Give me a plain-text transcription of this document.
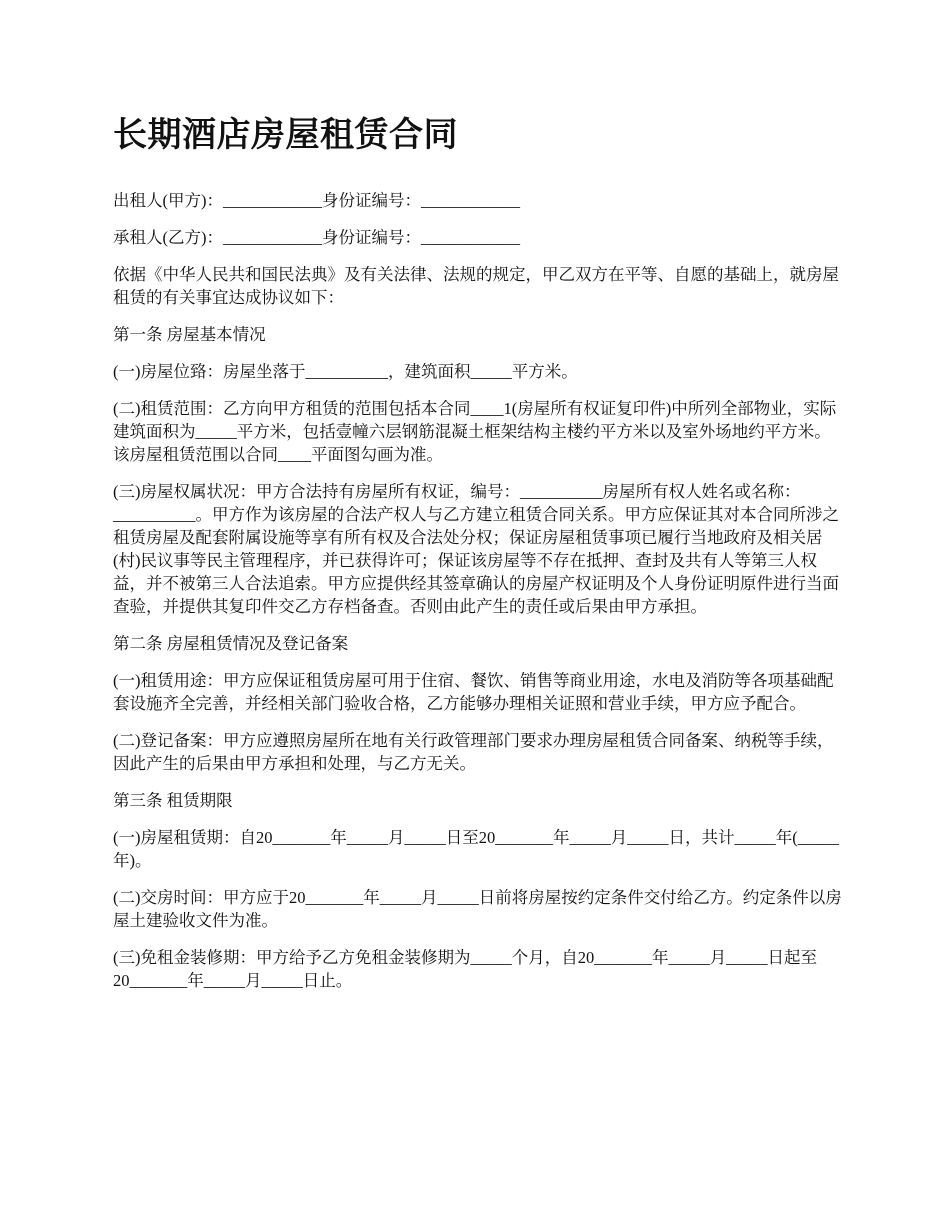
长期酒店房屋租赁合同

出租人(甲方)：____________身份证编号：____________

承租人(乙方)：____________身份证编号：____________

依据《中华人民共和国民法典》及有关法律、法规的规定，甲乙双方在平等、自愿的基础上，就房屋租赁的有关事宜达成协议如下：

第一条 房屋基本情况

(一)房屋位臵：房屋坐落于__________，建筑面积_____平方米。

(二)租赁范围：乙方向甲方租赁的范围包括本合同____1(房屋所有权证复印件)中所列全部物业，实际建筑面积为_____平方米，包括壹幢六层钢筋混凝土框架结构主楼约平方米以及室外场地约平方米。该房屋租赁范围以合同____平面图勾画为准。

(三)房屋权属状况：甲方合法持有房屋所有权证，编号：__________房屋所有权人姓名或名称：__________。甲方作为该房屋的合法产权人与乙方建立租赁合同关系。甲方应保证其对本合同所涉之租赁房屋及配套附属设施等享有所有权及合法处分权；保证房屋租赁事项已履行当地政府及相关居(村)民议事等民主管理程序，并已获得许可；保证该房屋等不存在抵押、查封及共有人等第三人权益，并不被第三人合法追索。甲方应提供经其签章确认的房屋产权证明及个人身份证明原件进行当面查验，并提供其复印件交乙方存档备查。否则由此产生的责任或后果由甲方承担。

第二条 房屋租赁情况及登记备案

(一)租赁用途：甲方应保证租赁房屋可用于住宿、餐饮、销售等商业用途，水电及消防等各项基础配套设施齐全完善，并经相关部门验收合格，乙方能够办理相关证照和营业手续，甲方应予配合。

(二)登记备案：甲方应遵照房屋所在地有关行政管理部门要求办理房屋租赁合同备案、纳税等手续，因此产生的后果由甲方承担和处理，与乙方无关。

第三条 租赁期限

(一)房屋租赁期：自20_______年_____月_____日至20_______年_____月_____日，共计_____年(_____年)。

(二)交房时间：甲方应于20_______年_____月_____日前将房屋按约定条件交付给乙方。约定条件以房屋土建验收文件为准。

(三)免租金装修期：甲方给予乙方免租金装修期为_____个月，自20_______年_____月_____日起至20_______年_____月_____日止。
